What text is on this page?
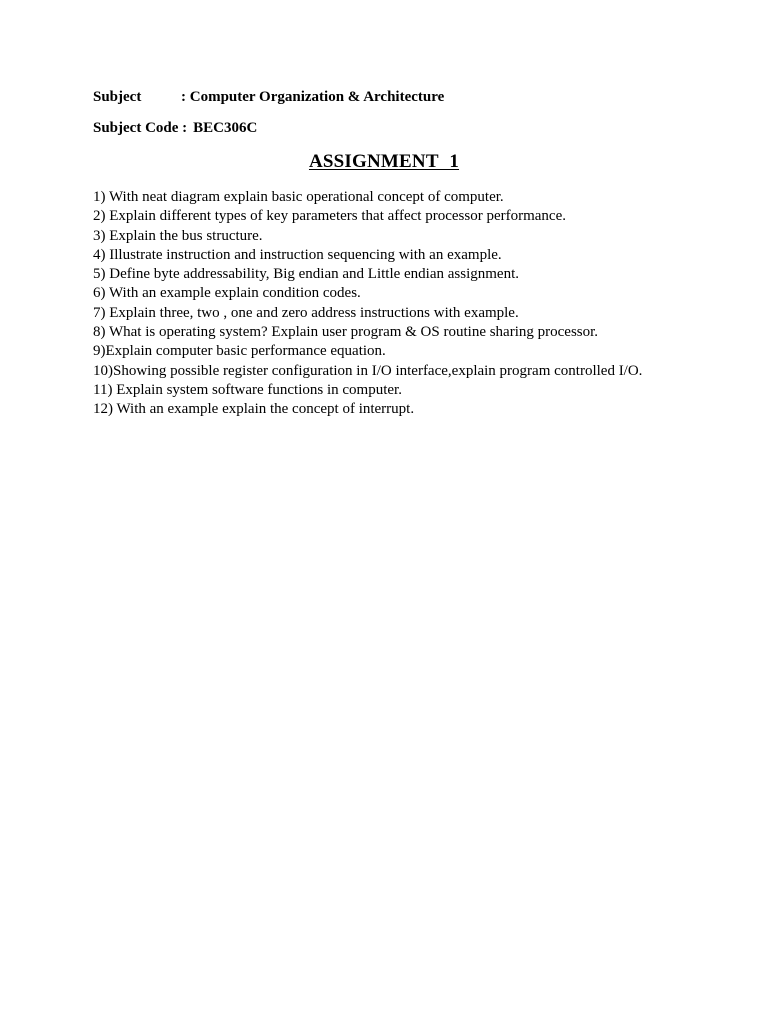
Subject	: Computer Organization & Architecture
Subject Code : BEC306C
ASSIGNMENT 1
1) With neat diagram explain basic operational concept of computer.
2) Explain different types of key parameters that affect processor performance.
3) Explain the bus structure.
4) Illustrate instruction and instruction sequencing with an example.
5) Define byte addressability, Big endian and Little endian assignment.
6) With an example explain condition codes.
7) Explain three, two , one and zero address instructions with example.
8) What is operating system? Explain user program & OS routine sharing processor.
9)Explain computer basic performance equation.
10)Showing possible register configuration in I/O interface,explain program controlled I/O.
11) Explain system software functions in computer.
12) With an example explain the concept of interrupt.
